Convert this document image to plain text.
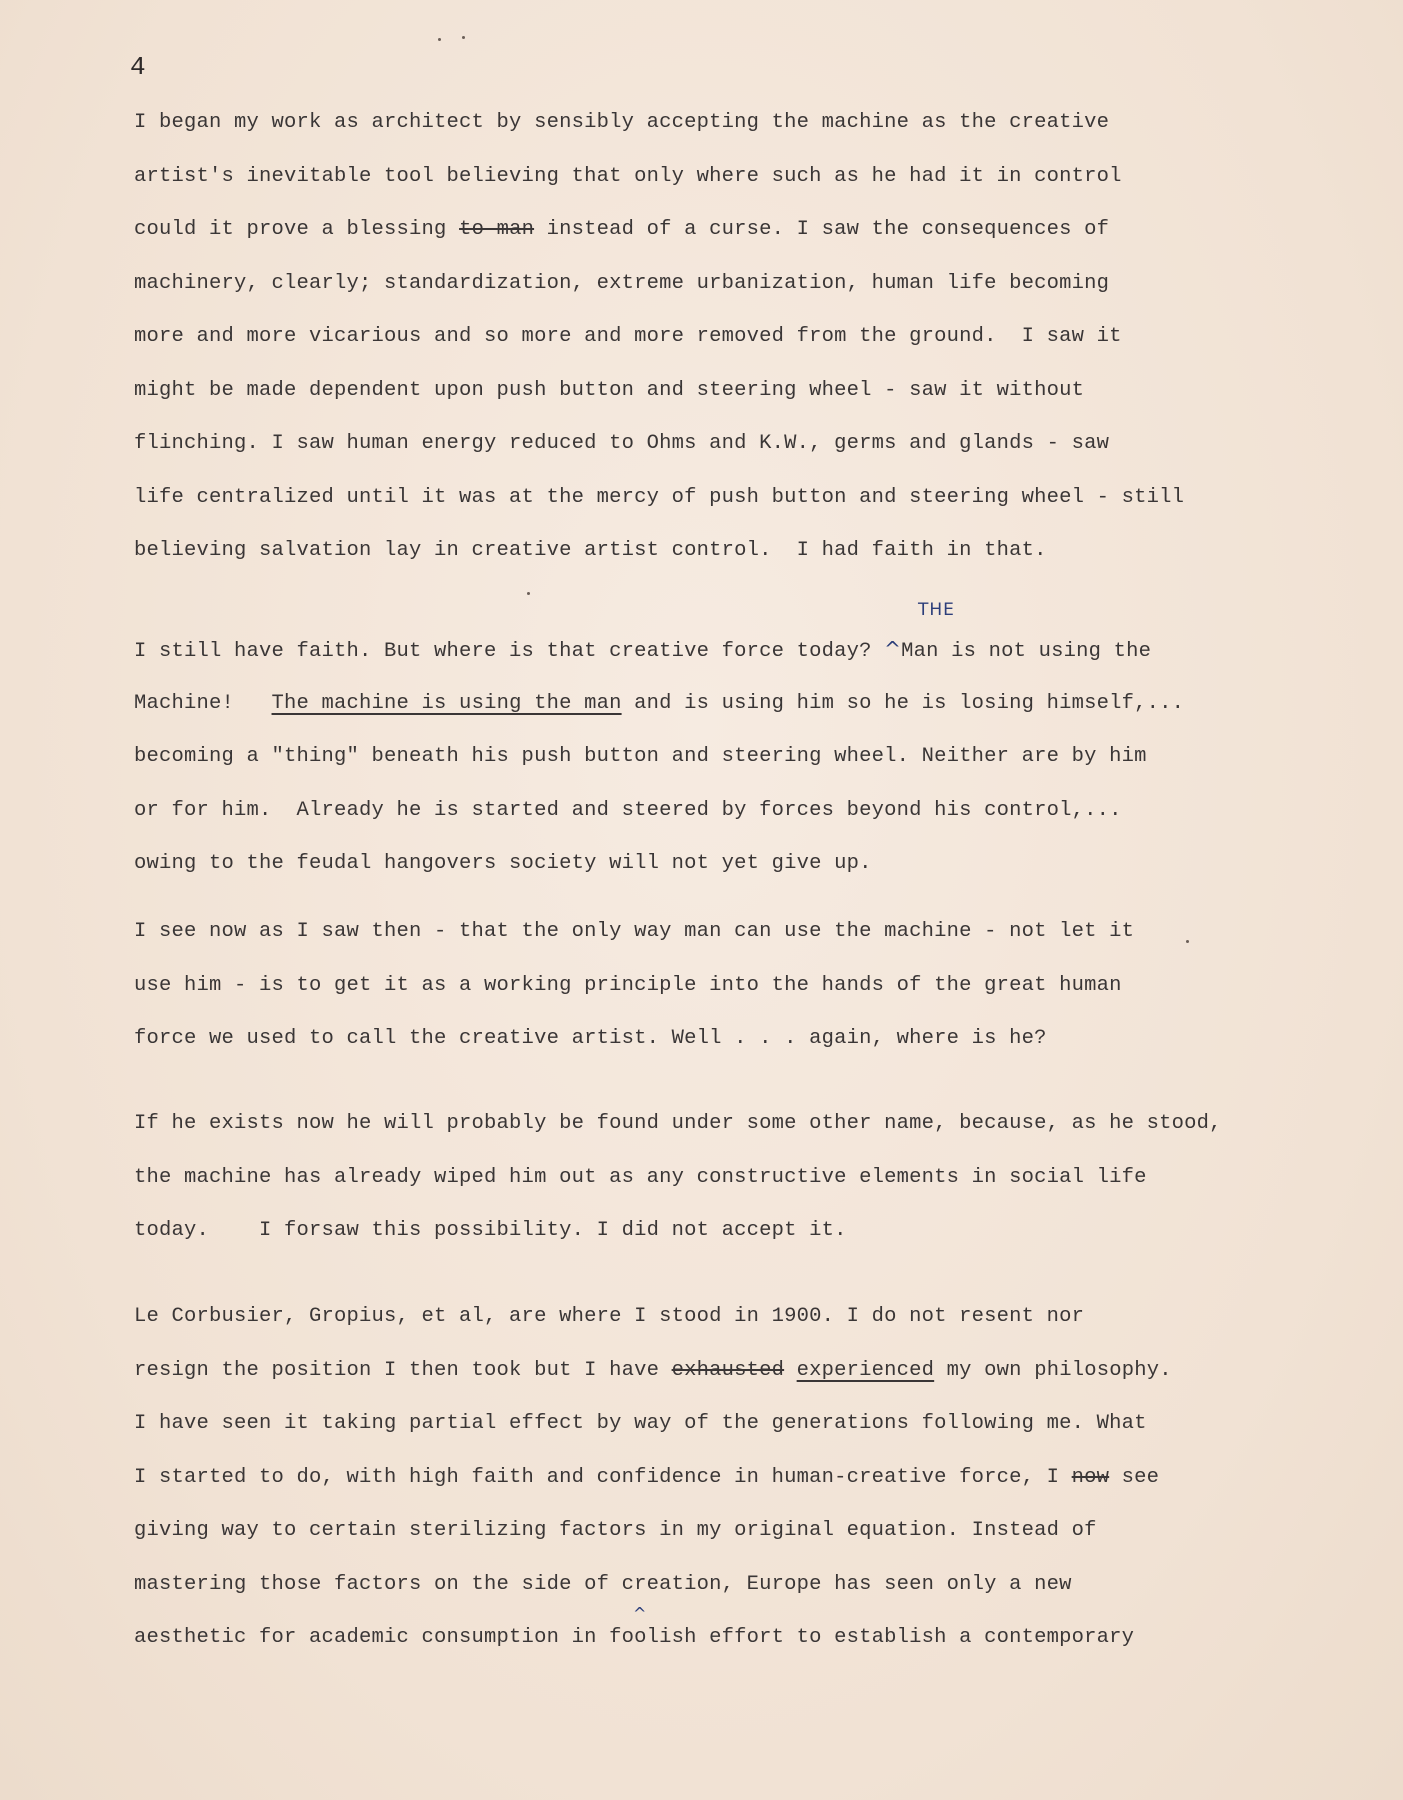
4
THE
^
I began my work as architect by sensibly accepting the machine as the creative
artist's inevitable tool believing that only where such as he had it in control
could it prove a blessing to man instead of a curse. I saw the consequences of
machinery, clearly; standardization, extreme urbanization, human life becoming
more and more vicarious and so more and more removed from the ground.  I saw it
might be made dependent upon push button and steering wheel - saw it without
flinching. I saw human energy reduced to Ohms and K.W., germs and glands - saw
life centralized until it was at the mercy of push button and steering wheel - still
believing salvation lay in creative artist control.  I had faith in that.
I still have faith. But where is that creative force today? ^Man is not using the
Machine!   The machine is using the man and is using him so he is losing himself,...
becoming a "thing" beneath his push button and steering wheel. Neither are by him
or for him.  Already he is started and steered by forces beyond his control,...
owing to the feudal hangovers society will not yet give up.
I see now as I saw then - that the only way man can use the machine - not let it
use him - is to get it as a working principle into the hands of the great human
force we used to call the creative artist. Well . . . again, where is he?
If he exists now he will probably be found under some other name, because, as he stood,
the machine has already wiped him out as any constructive elements in social life
today.    I forsaw this possibility. I did not accept it.
Le Corbusier, Gropius, et al, are where I stood in 1900. I do not resent nor
resign the position I then took but I have exhausted experienced my own philosophy.
I have seen it taking partial effect by way of the generations following me. What
I started to do, with high faith and confidence in human-creative force, I now see
giving way to certain sterilizing factors in my original equation. Instead of
mastering those factors on the side of creation, Europe has seen only a new
aesthetic for academic consumption in foolish effort to establish a contemporary
